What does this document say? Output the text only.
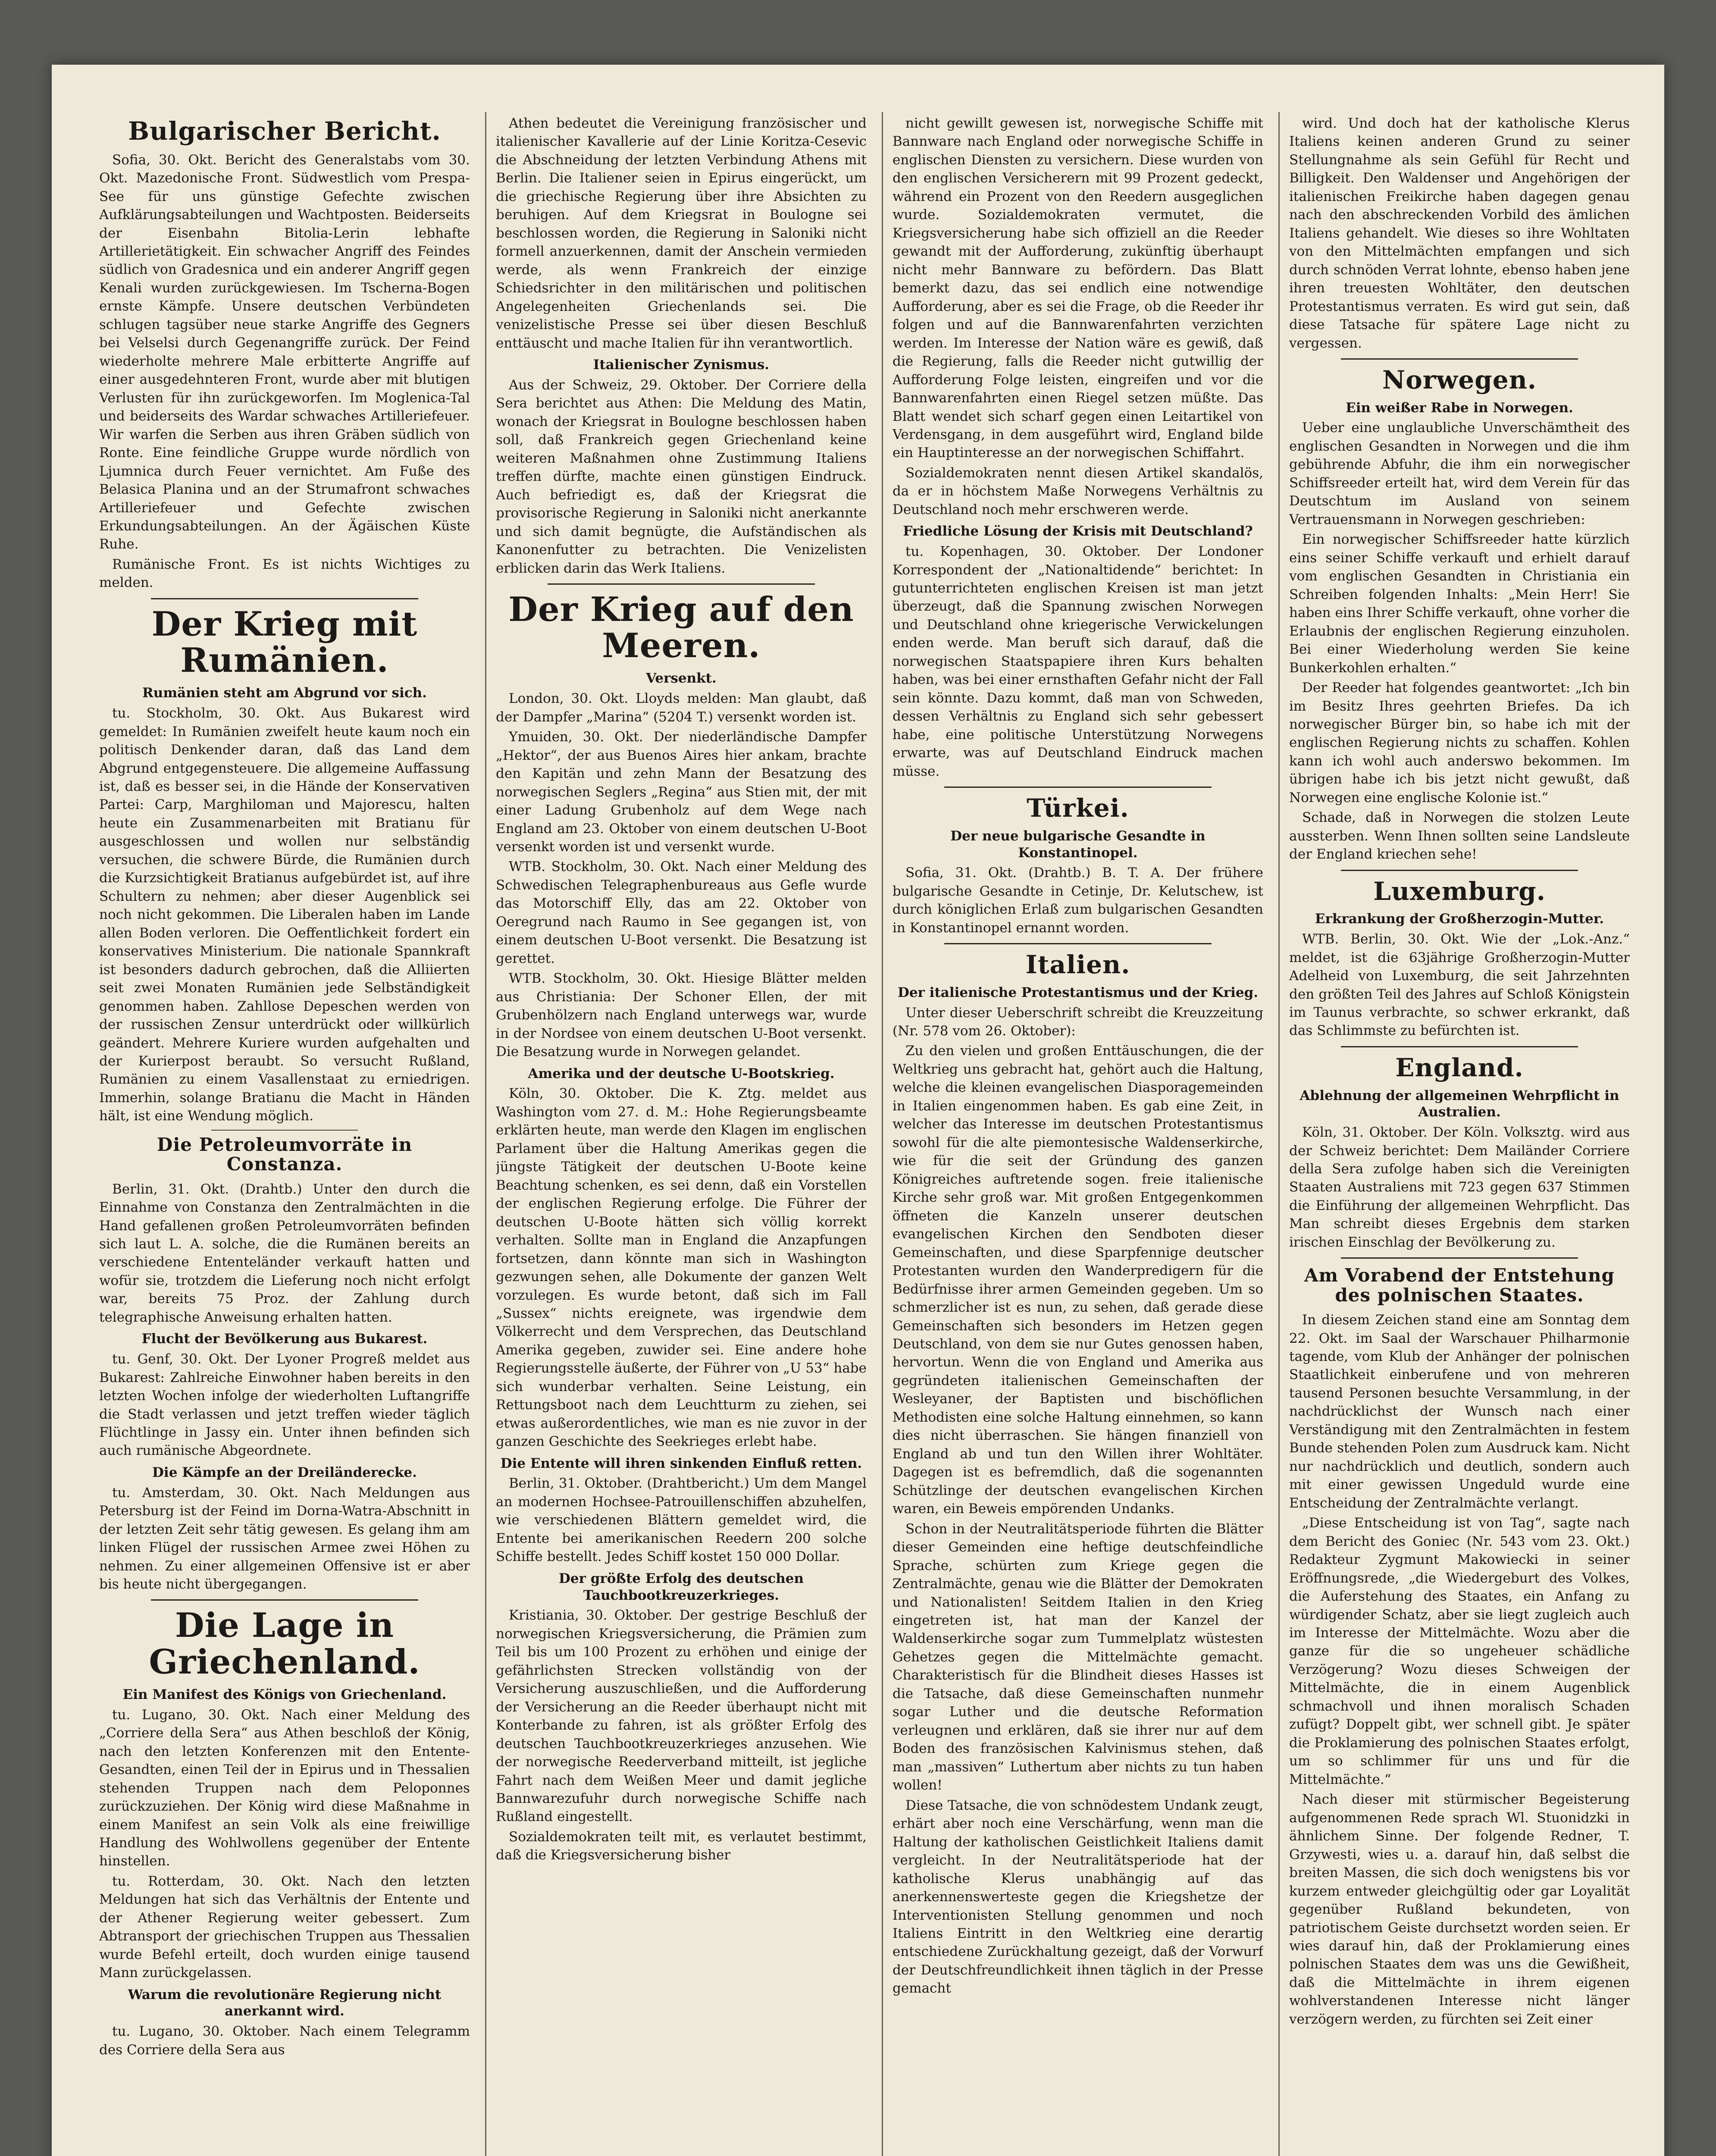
Bulgarischer Bericht.

Sofia, 30. Okt. Bericht des Generalstabs vom 30. Okt. Mazedonische Front. Südwestlich vom Prespa-See für uns günstige Gefechte zwischen Aufklärungsabteilungen und Wachtposten. Beiderseits der Eisenbahn Bitolia-Lerin lebhafte Artillerietätigkeit. Ein schwacher Angriff des Feindes südlich von Gradesnica und ein anderer Angriff gegen Kenali wurden zurückgewiesen. Im Tscherna-Bogen ernste Kämpfe. Unsere deutschen Verbündeten schlugen tagsüber neue starke Angriffe des Gegners bei Velselsi durch Gegenangriffe zurück. Der Feind wiederholte mehrere Male erbitterte Angriffe auf einer ausgedehnteren Front, wurde aber mit blutigen Verlusten für ihn zurückgeworfen. Im Moglenica-Tal und beiderseits des Wardar schwaches Artilleriefeuer. Wir warfen die Serben aus ihren Gräben südlich von Ronte. Eine feindliche Gruppe wurde nördlich von Ljumnica durch Feuer vernichtet. Am Fuße des Belasica Planina und an der Strumafront schwaches Artilleriefeuer und Gefechte zwischen Erkundungsabteilungen. An der Ägäischen Küste Ruhe.

Rumänische Front. Es ist nichts Wichtiges zu melden.

Der Krieg mit Rumänien.
Rumänien steht am Abgrund vor sich.

tu. Stockholm, 30. Okt. Aus Bukarest wird gemeldet: In Rumänien zweifelt heute kaum noch ein politisch Denkender daran, daß das Land dem Abgrund entgegensteuere. Die allgemeine Auffassung ist, daß es besser sei, in die Hände der Konservativen Partei: Carp, Marghiloman und Majorescu, halten heute ein Zusammenarbeiten mit Bratianu für ausgeschlossen und wollen nur selbständig versuchen, die schwere Bürde, die Rumänien durch die Kurzsichtigkeit Bratianus aufgebürdet ist, auf ihre Schultern zu nehmen; aber dieser Augenblick sei noch nicht gekommen. Die Liberalen haben im Lande allen Boden verloren. Die Oeffentlichkeit fordert ein konservatives Ministerium. Die nationale Spannkraft ist besonders dadurch gebrochen, daß die Alliierten seit zwei Monaten Rumänien jede Selbständigkeit genommen haben. Zahllose Depeschen werden von der russischen Zensur unterdrückt oder willkürlich geändert. Mehrere Kuriere wurden aufgehalten und der Kurierpost beraubt. So versucht Rußland, Rumänien zu einem Vasallenstaat zu erniedrigen. Immerhin, solange Bratianu die Macht in Händen hält, ist eine Wendung möglich.

Die Petroleumvorräte in Constanza.

Berlin, 31. Okt. (Drahtb.) Unter den durch die Einnahme von Constanza den Zentralmächten in die Hand gefallenen großen Petroleumvorräten befinden sich laut L. A. solche, die die Rumänen bereits an verschiedene Ententeländer verkauft hatten und wofür sie, trotzdem die Lieferung noch nicht erfolgt war, bereits 75 Proz. der Zahlung durch telegraphische Anweisung erhalten hatten.

Flucht der Bevölkerung aus Bukarest.

tu. Genf, 30. Okt. Der Lyoner Progreß meldet aus Bukarest: Zahlreiche Einwohner haben bereits in den letzten Wochen infolge der wiederholten Luftangriffe die Stadt verlassen und jetzt treffen wieder täglich Flüchtlinge in Jassy ein. Unter ihnen befinden sich auch rumänische Abgeordnete.

Die Kämpfe an der Dreiländerecke.

tu. Amsterdam, 30. Okt. Nach Meldungen aus Petersburg ist der Feind im Dorna-Watra-Abschnitt in der letzten Zeit sehr tätig gewesen. Es gelang ihm am linken Flügel der russischen Armee zwei Höhen zu nehmen. Zu einer allgemeinen Offensive ist er aber bis heute nicht übergegangen.

Die Lage in Griechenland.
Ein Manifest des Königs von Griechenland.

tu. Lugano, 30. Okt. Nach einer Meldung des „Corriere della Sera“ aus Athen beschloß der König, nach den letzten Konferenzen mit den Entente-Gesandten, einen Teil der in Epirus und in Thessalien stehenden Truppen nach dem Peloponnes zurückzuziehen. Der König wird diese Maßnahme in einem Manifest an sein Volk als eine freiwillige Handlung des Wohlwollens gegenüber der Entente hinstellen.

tu. Rotterdam, 30. Okt. Nach den letzten Meldungen hat sich das Verhältnis der Entente und der Athener Regierung weiter gebessert. Zum Abtransport der griechischen Truppen aus Thessalien wurde Befehl erteilt, doch wurden einige tausend Mann zurückgelassen.

Warum die revolutionäre Regierung nicht anerkannt wird.

tu. Lugano, 30. Oktober. Nach einem Telegramm des Corriere della Sera aus

Athen bedeutet die Vereinigung französischer und italienischer Kavallerie auf der Linie Koritza-Cesevic die Abschneidung der letzten Verbindung Athens mit Berlin. Die Italiener seien in Epirus eingerückt, um die griechische Regierung über ihre Absichten zu beruhigen. Auf dem Kriegsrat in Boulogne sei beschlossen worden, die Regierung in Saloniki nicht formell anzuerkennen, damit der Anschein vermieden werde, als wenn Frankreich der einzige Schiedsrichter in den militärischen und politischen Angelegenheiten Griechenlands sei. Die venizelistische Presse sei über diesen Beschluß enttäuscht und mache Italien für ihn verantwortlich.

Italienischer Zynismus.

Aus der Schweiz, 29. Oktober. Der Corriere della Sera berichtet aus Athen: Die Meldung des Matin, wonach der Kriegsrat in Boulogne beschlossen haben soll, daß Frankreich gegen Griechenland keine weiteren Maßnahmen ohne Zustimmung Italiens treffen dürfte, machte einen günstigen Eindruck. Auch befriedigt es, daß der Kriegsrat die provisorische Regierung in Saloniki nicht anerkannte und sich damit begnügte, die Aufständischen als Kanonenfutter zu betrachten. Die Venizelisten erblicken darin das Werk Italiens.

Der Krieg auf den Meeren.
Versenkt.

London, 30. Okt. Lloyds melden: Man glaubt, daß der Dampfer „Marina“ (5204 T.) versenkt worden ist.

Ymuiden, 30. Okt. Der niederländische Dampfer „Hektor“, der aus Buenos Aires hier ankam, brachte den Kapitän und zehn Mann der Besatzung des norwegischen Seglers „Regina“ aus Stien mit, der mit einer Ladung Grubenholz auf dem Wege nach England am 23. Oktober von einem deutschen U-Boot versenkt worden ist und versenkt wurde.

WTB. Stockholm, 30. Okt. Nach einer Meldung des Schwedischen Telegraphenbureaus aus Gefle wurde das Motorschiff Elly, das am 22. Oktober von Oeregrund nach Raumo in See gegangen ist, von einem deutschen U-Boot versenkt. Die Besatzung ist gerettet.

WTB. Stockholm, 30. Okt. Hiesige Blätter melden aus Christiania: Der Schoner Ellen, der mit Grubenhölzern nach England unterwegs war, wurde in der Nordsee von einem deutschen U-Boot versenkt. Die Besatzung wurde in Norwegen gelandet.

Amerika und der deutsche U-Bootskrieg.

Köln, 30. Oktober. Die K. Ztg. meldet aus Washington vom 27. d. M.: Hohe Regierungsbeamte erklärten heute, man werde den Klagen im englischen Parlament über die Haltung Amerikas gegen die jüngste Tätigkeit der deutschen U-Boote keine Beachtung schenken, es sei denn, daß ein Vorstellen der englischen Regierung erfolge. Die Führer der deutschen U-Boote hätten sich völlig korrekt verhalten. Sollte man in England die Anzapfungen fortsetzen, dann könnte man sich in Washington gezwungen sehen, alle Dokumente der ganzen Welt vorzulegen. Es wurde betont, daß sich im Fall „Sussex“ nichts ereignete, was irgendwie dem Völkerrecht und dem Versprechen, das Deutschland Amerika gegeben, zuwider sei. Eine andere hohe Regierungsstelle äußerte, der Führer von „U 53“ habe sich wunderbar verhalten. Seine Leistung, ein Rettungsboot nach dem Leuchtturm zu ziehen, sei etwas außerordentliches, wie man es nie zuvor in der ganzen Geschichte des Seekrieges erlebt habe.

Die Entente will ihren sinkenden Einfluß retten.

Berlin, 31. Oktober. (Drahtbericht.) Um dem Mangel an modernen Hochsee-Patrouillenschiffen abzuhelfen, wie verschiedenen Blättern gemeldet wird, die Entente bei amerikanischen Reedern 200 solche Schiffe bestellt. Jedes Schiff kostet 150 000 Dollar.

Der größte Erfolg des deutschen Tauchbootkreuzerkrieges.

Kristiania, 30. Oktober. Der gestrige Beschluß der norwegischen Kriegsversicherung, die Prämien zum Teil bis um 100 Prozent zu erhöhen und einige der gefährlichsten Strecken vollständig von der Versicherung auszuschließen, und die Aufforderung der Versicherung an die Reeder überhaupt nicht mit Konterbande zu fahren, ist als größter Erfolg des deutschen Tauchbootkreuzerkrieges anzusehen. Wie der norwegische Reederverband mitteilt, ist jegliche Fahrt nach dem Weißen Meer und damit jegliche Bannwarezufuhr durch norwegische Schiffe nach Rußland eingestellt.

Sozialdemokraten teilt mit, es verlautet bestimmt, daß die Kriegsversicherung bisher

nicht gewillt gewesen ist, norwegische Schiffe mit Bannware nach England oder norwegische Schiffe in englischen Diensten zu versichern. Diese wurden von den englischen Versicherern mit 99 Prozent gedeckt, während ein Prozent von den Reedern ausgeglichen wurde. Sozialdemokraten vermutet, die Kriegsversicherung habe sich offiziell an die Reeder gewandt mit der Aufforderung, zukünftig überhaupt nicht mehr Bannware zu befördern. Das Blatt bemerkt dazu, das sei endlich eine notwendige Aufforderung, aber es sei die Frage, ob die Reeder ihr folgen und auf die Bannwarenfahrten verzichten werden. Im Interesse der Nation wäre es gewiß, daß die Regierung, falls die Reeder nicht gutwillig der Aufforderung Folge leisten, eingreifen und vor die Bannwarenfahrten einen Riegel setzen müßte. Das Blatt wendet sich scharf gegen einen Leitartikel von Verdensgang, in dem ausgeführt wird, England bilde ein Hauptinteresse an der norwegischen Schiffahrt.

Sozialdemokraten nennt diesen Artikel skandalös, da er in höchstem Maße Norwegens Verhältnis zu Deutschland noch mehr erschweren werde.

Friedliche Lösung der Krisis mit Deutschland?

tu. Kopenhagen, 30. Oktober. Der Londoner Korrespondent der „Nationaltidende“ berichtet: In gutunterrichteten englischen Kreisen ist man jetzt überzeugt, daß die Spannung zwischen Norwegen und Deutschland ohne kriegerische Verwickelungen enden werde. Man beruft sich darauf, daß die norwegischen Staatspapiere ihren Kurs behalten haben, was bei einer ernsthaften Gefahr nicht der Fall sein könnte. Dazu kommt, daß man von Schweden, dessen Verhältnis zu England sich sehr gebessert habe, eine politische Unterstützung Norwegens erwarte, was auf Deutschland Eindruck machen müsse.

Türkei.
Der neue bulgarische Gesandte in Konstantinopel.

Sofia, 31. Okt. (Drahtb.) B. T. A. Der frühere bulgarische Gesandte in Cetinje, Dr. Kelutschew, ist durch königlichen Erlaß zum bulgarischen Gesandten in Konstantinopel ernannt worden.

Italien.
Der italienische Protestantismus und der Krieg.

Unter dieser Ueberschrift schreibt die Kreuzzeitung (Nr. 578 vom 26. Oktober):

Zu den vielen und großen Enttäuschungen, die der Weltkrieg uns gebracht hat, gehört auch die Haltung, welche die kleinen evangelischen Diasporagemeinden in Italien eingenommen haben. Es gab eine Zeit, in welcher das Interesse im deutschen Protestantismus sowohl für die alte piemontesische Waldenserkirche, wie für die seit der Gründung des ganzen Königreiches auftretende sogen. freie italienische Kirche sehr groß war. Mit großen Entgegenkommen öffneten die Kanzeln unserer deutschen evangelischen Kirchen den Sendboten dieser Gemeinschaften, und diese Sparpfennige deutscher Protestanten wurden den Wanderpredigern für die Bedürfnisse ihrer armen Gemeinden gegeben. Um so schmerzlicher ist es nun, zu sehen, daß gerade diese Gemeinschaften sich besonders im Hetzen gegen Deutschland, von dem sie nur Gutes genossen haben, hervortun. Wenn die von England und Amerika aus gegründeten italienischen Gemeinschaften der Wesleyaner, der Baptisten und bischöflichen Methodisten eine solche Haltung einnehmen, so kann dies nicht überraschen. Sie hängen finanziell von England ab und tun den Willen ihrer Wohltäter. Dagegen ist es befremdlich, daß die sogenannten Schützlinge der deutschen evangelischen Kirchen waren, ein Beweis empörenden Undanks.

Schon in der Neutralitätsperiode führten die Blätter dieser Gemeinden eine heftige deutschfeindliche Sprache, schürten zum Kriege gegen die Zentralmächte, genau wie die Blätter der Demokraten und Nationalisten! Seitdem Italien in den Krieg eingetreten ist, hat man der Kanzel der Waldenserkirche sogar zum Tummelplatz wüstesten Gehetzes gegen die Mittelmächte gemacht. Charakteristisch für die Blindheit dieses Hasses ist die Tatsache, daß diese Gemeinschaften nunmehr sogar Luther und die deutsche Reformation verleugnen und erklären, daß sie ihrer nur auf dem Boden des französischen Kalvinismus stehen, daß man „massiven“ Luthertum aber nichts zu tun haben wollen!

Diese Tatsache, die von schnödestem Undank zeugt, erhärt aber noch eine Verschärfung, wenn man die Haltung der katholischen Geistlichkeit Italiens damit vergleicht. In der Neutralitätsperiode hat der katholische Klerus unabhängig auf das anerkennenswerteste gegen die Kriegshetze der Interventionisten Stellung genommen und noch Italiens Eintritt in den Weltkrieg eine derartig entschiedene Zurückhaltung gezeigt, daß der Vorwurf der Deutschfreundlichkeit ihnen täglich in der Presse gemacht

wird. Und doch hat der katholische Klerus Italiens keinen anderen Grund zu seiner Stellungnahme als sein Gefühl für Recht und Billigkeit. Den Waldenser und Angehörigen der italienischen Freikirche haben dagegen genau nach den abschreckenden Vorbild des ämlichen Italiens gehandelt. Wie dieses so ihre Wohltaten von den Mittelmächten empfangen und sich durch schnöden Verrat lohnte, ebenso haben jene ihren treuesten Wohltäter, den deutschen Protestantismus verraten. Es wird gut sein, daß diese Tatsache für spätere Lage nicht zu vergessen.

Norwegen.
Ein weißer Rabe in Norwegen.

Ueber eine unglaubliche Unverschämtheit des englischen Gesandten in Norwegen und die ihm gebührende Abfuhr, die ihm ein norwegischer Schiffsreeder erteilt hat, wird dem Verein für das Deutschtum im Ausland von seinem Vertrauensmann in Norwegen geschrieben:

Ein norwegischer Schiffsreeder hatte kürzlich eins seiner Schiffe verkauft und erhielt darauf vom englischen Gesandten in Christiania ein Schreiben folgenden Inhalts: „Mein Herr! Sie haben eins Ihrer Schiffe verkauft, ohne vorher die Erlaubnis der englischen Regierung einzuholen. Bei einer Wiederholung werden Sie keine Bunkerkohlen erhalten.“

Der Reeder hat folgendes geantwortet: „Ich bin im Besitz Ihres geehrten Briefes. Da ich norwegischer Bürger bin, so habe ich mit der englischen Regierung nichts zu schaffen. Kohlen kann ich wohl auch anderswo bekommen. Im übrigen habe ich bis jetzt nicht gewußt, daß Norwegen eine englische Kolonie ist.“

Schade, daß in Norwegen die stolzen Leute aussterben. Wenn Ihnen sollten seine Landsleute der England kriechen sehe!

Luxemburg.
Erkrankung der Großherzogin-Mutter.

WTB. Berlin, 30. Okt. Wie der „Lok.-Anz.“ meldet, ist die 63jährige Großherzogin-Mutter Adelheid von Luxemburg, die seit Jahrzehnten den größten Teil des Jahres auf Schloß Königstein im Taunus verbrachte, so schwer erkrankt, daß das Schlimmste zu befürchten ist.

England.
Ablehnung der allgemeinen Wehrpflicht in Australien.

Köln, 31. Oktober. Der Köln. Volksztg. wird aus der Schweiz berichtet: Dem Mailänder Corriere della Sera zufolge haben sich die Vereinigten Staaten Australiens mit 723 gegen 637 Stimmen die Einführung der allgemeinen Wehrpflicht. Das Man schreibt dieses Ergebnis dem starken irischen Einschlag der Bevölkerung zu.

Am Vorabend der Entstehung des polnischen Staates.

In diesem Zeichen stand eine am Sonntag dem 22. Okt. im Saal der Warschauer Philharmonie tagende, vom Klub der Anhänger der polnischen Staatlichkeit einberufene und von mehreren tausend Personen besuchte Versammlung, in der nachdrücklichst der Wunsch nach einer Verständigung mit den Zentralmächten in festem Bunde stehenden Polen zum Ausdruck kam. Nicht nur nachdrücklich und deutlich, sondern auch mit einer gewissen Ungeduld wurde eine Entscheidung der Zentralmächte verlangt.

„Diese Entscheidung ist von Tag“, sagte nach dem Bericht des Goniec (Nr. 543 vom 23. Okt.) Redakteur Zygmunt Makowiecki in seiner Eröffnungsrede, „die Wiedergeburt des Volkes, die Auferstehung des Staates, ein Anfang zu würdigender Schatz, aber sie liegt zugleich auch im Interesse der Mittelmächte. Wozu aber die ganze für die so ungeheuer schädliche Verzögerung? Wozu dieses Schweigen der Mittelmächte, die in einem Augenblick schmachvoll und ihnen moralisch Schaden zufügt? Doppelt gibt, wer schnell gibt. Je später die Proklamierung des polnischen Staates erfolgt, um so schlimmer für uns und für die Mittelmächte.“

Nach dieser mit stürmischer Begeisterung aufgenommenen Rede sprach Wl. Stuonidzki in ähnlichem Sinne. Der folgende Redner, T. Grzywesti, wies u. a. darauf hin, daß selbst die breiten Massen, die sich doch wenigstens bis vor kurzem entweder gleichgültig oder gar Loyalität gegenüber Rußland bekundeten, von patriotischem Geiste durchsetzt worden seien. Er wies darauf hin, daß der Proklamierung eines polnischen Staates dem was uns die Gewißheit, daß die Mittelmächte in ihrem eigenen wohlverstandenen Interesse nicht länger verzögern werden, zu fürchten sei Zeit einer
